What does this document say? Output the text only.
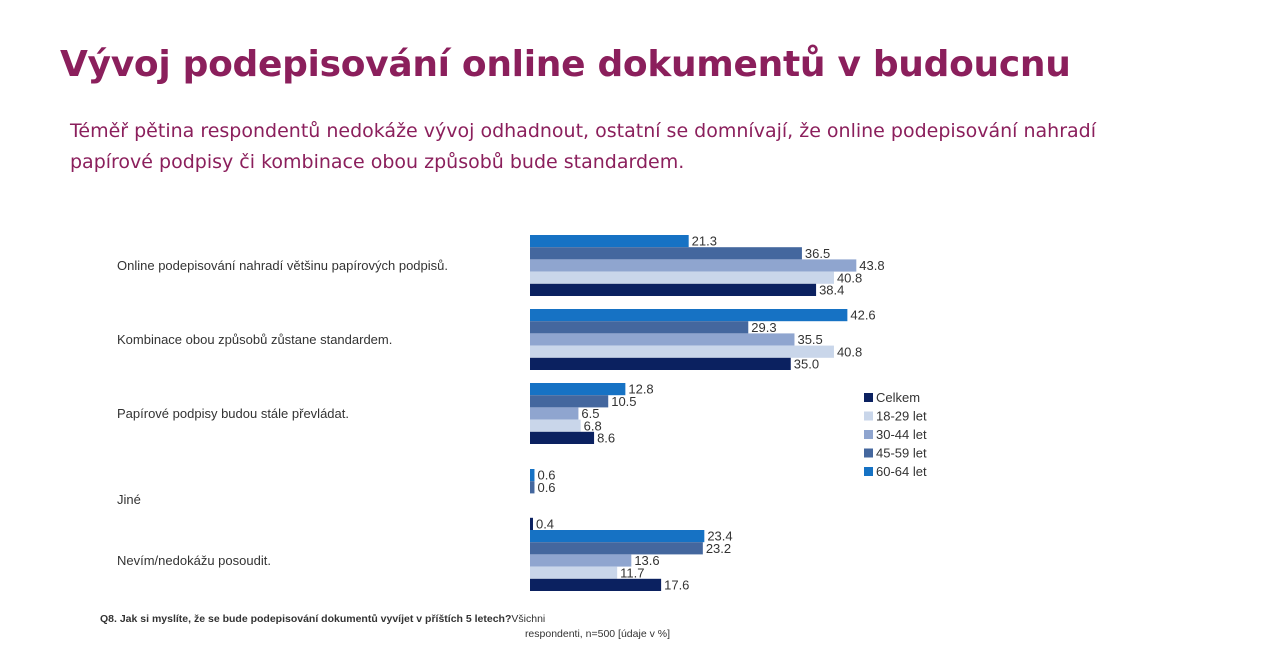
Vývoj podepisování online dokumentů v budoucnu

Téměř pětina respondentů nedokáže vývoj odhadnout, ostatní se domnívají, že online podepisování nahradí papírové podpisy či kombinace obou způsobů bude standardem.

Online podepisování nahradí většinu papírových podpisů.
Kombinace obou způsobů zůstane standardem.
Papírové podpisy budou stále převládat.
Jiné
Nevím/nedokážu posoudit.
21.3
36.5
43.8
40.8
38.4
42.6
29.3
35.5
40.8
35.0
12.8
10.5
6.5
6.8
8.6
0.6
0.6
0.4
23.4
23.2
13.6
11.7
17.6
Celkem
18-29 let
30-44 let
45-59 let
60-64 let
Q8. Jak si myslíte, že se bude podepisování dokumentů vyvíjet v příštích 5 letech?Všichni
respondenti, n=500 [údaje v %]
